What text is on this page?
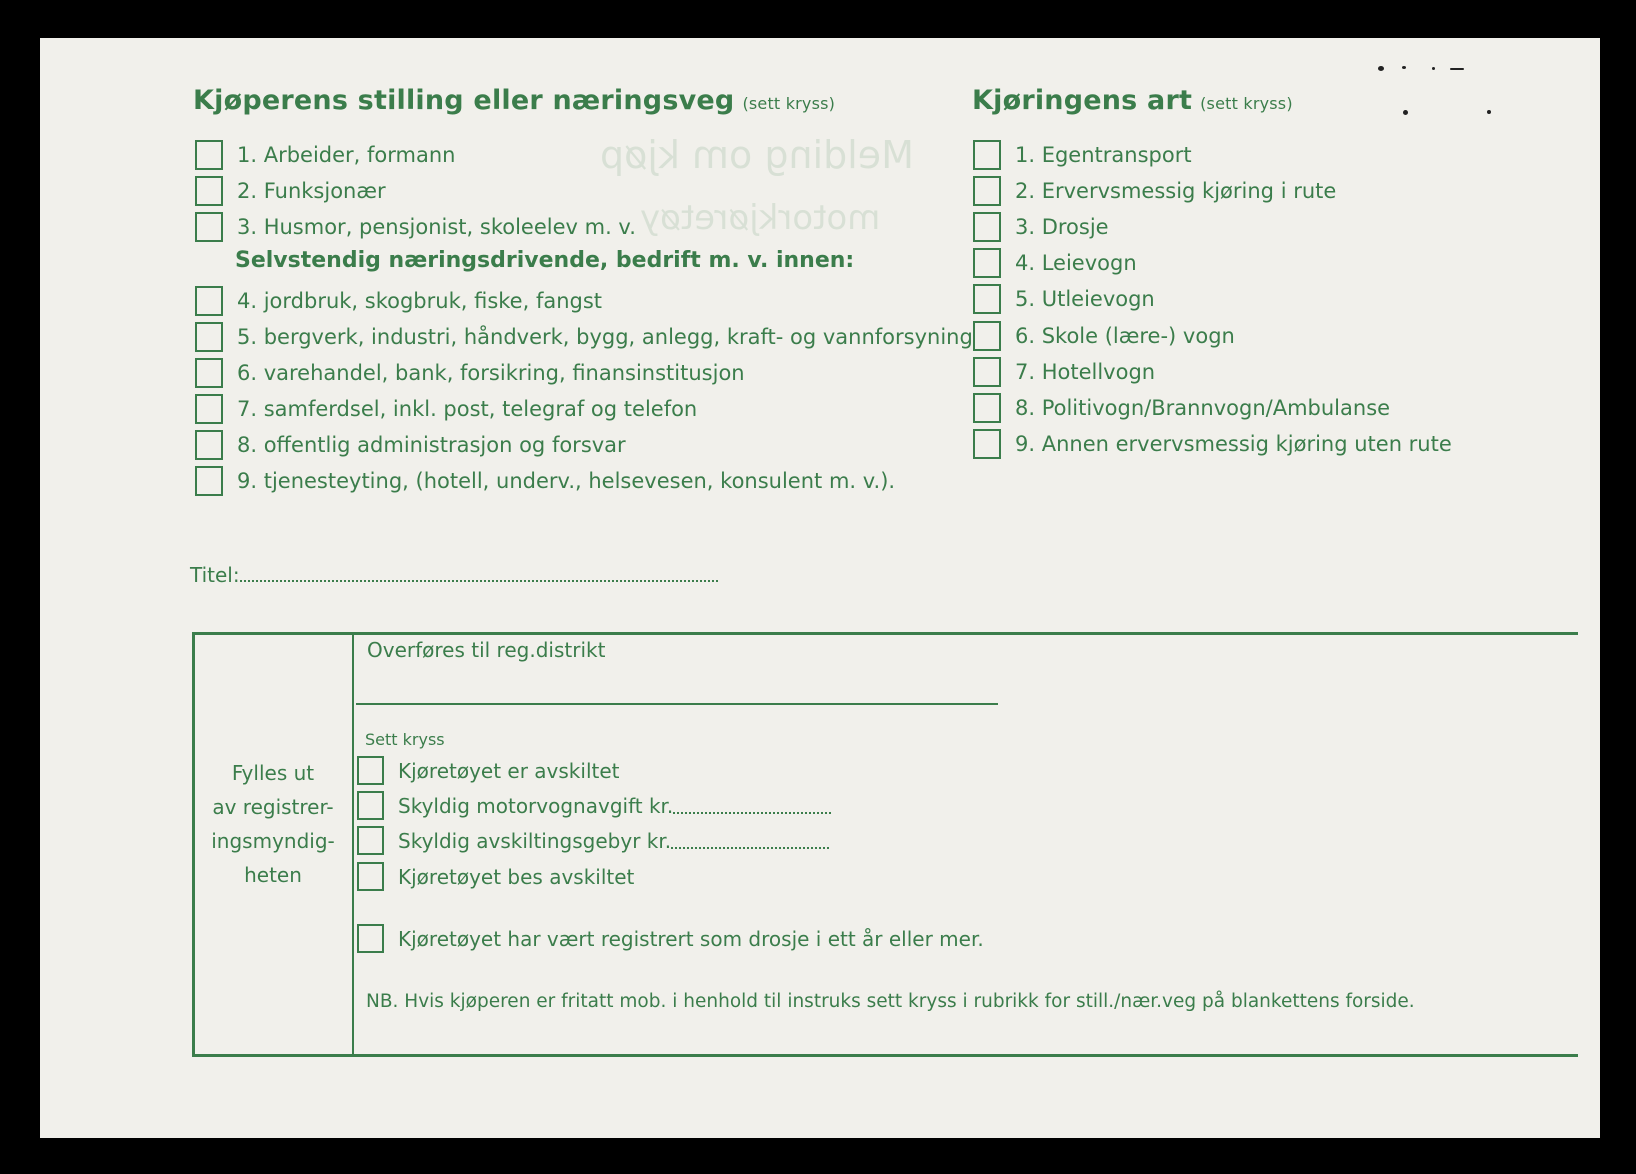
Melding om kjøp
motorkjøretøy
Kjøperens stilling eller næringsveg (sett kryss)
1. Arbeider, formann
2. Funksjonær
3. Husmor, pensjonist, skoleelev m. v.
Selvstendig næringsdrivende, bedrift m. v. innen:
4. jordbruk, skogbruk, fiske, fangst
5. bergverk, industri, håndverk, bygg, anlegg, kraft- og vannforsyning
6. varehandel, bank, forsikring, finansinstitusjon
7. samferdsel, inkl. post, telegraf og telefon
8. offentlig administrasjon og forsvar
9. tjenesteyting, (hotell, underv., helsevesen, konsulent m. v.).
Kjøringens art (sett kryss)
1. Egentransport
2. Ervervsmessig kjøring i rute
3. Drosje
4. Leievogn
5. Utleievogn
6. Skole (lære-) vogn
7. Hotellvogn
8. Politivogn/Brannvogn/Ambulanse
9. Annen ervervsmessig kjøring uten rute
Titel:
Fylles ut
av registrer-
ingsmyndig-
heten
Overføres til reg.distrikt
Sett kryss
Kjøretøyet er avskiltet
Skyldig motorvognavgift kr.
Skyldig avskiltingsgebyr kr.
Kjøretøyet bes avskiltet
Kjøretøyet har vært registrert som drosje i ett år eller mer.
NB. Hvis kjøperen er fritatt mob. i henhold til instruks sett kryss i rubrikk for still./nær.veg på blankettens forside.
